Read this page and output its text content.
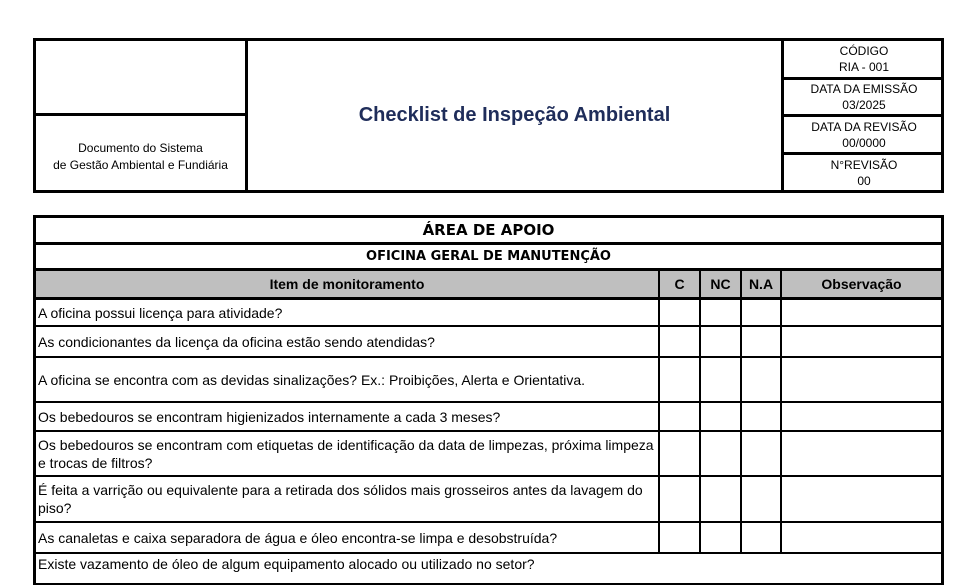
Documento do Sistema
de Gestão Ambiental e Fundiária
Checklist de Inspeção Ambiental
CÓDIGO
RIA - 001
DATA DA EMISSÃO
03/2025
DATA DA REVISÃO
00/0000
N°REVISÃO
00
ÁREA DE APOIO
OFICINA GERAL DE MANUTENÇÃO
Item de monitoramento	C	NC	N.A	Observação
A oficina possui licença para atividade?
As condicionantes da licença da oficina estão sendo atendidas?
A oficina se encontra com as devidas sinalizações? Ex.: Proibições, Alerta e Orientativa.
Os bebedouros se encontram higienizados internamente a cada 3 meses?
Os bebedouros se encontram com etiquetas de identificação da data de limpezas, próxima limpeza e trocas de filtros?
É feita a varrição ou equivalente para a retirada dos sólidos mais grosseiros antes da lavagem do piso?
As canaletas e caixa separadora de água e óleo encontra-se limpa e desobstruída?
Existe vazamento de óleo de algum equipamento alocado ou utilizado no setor?
